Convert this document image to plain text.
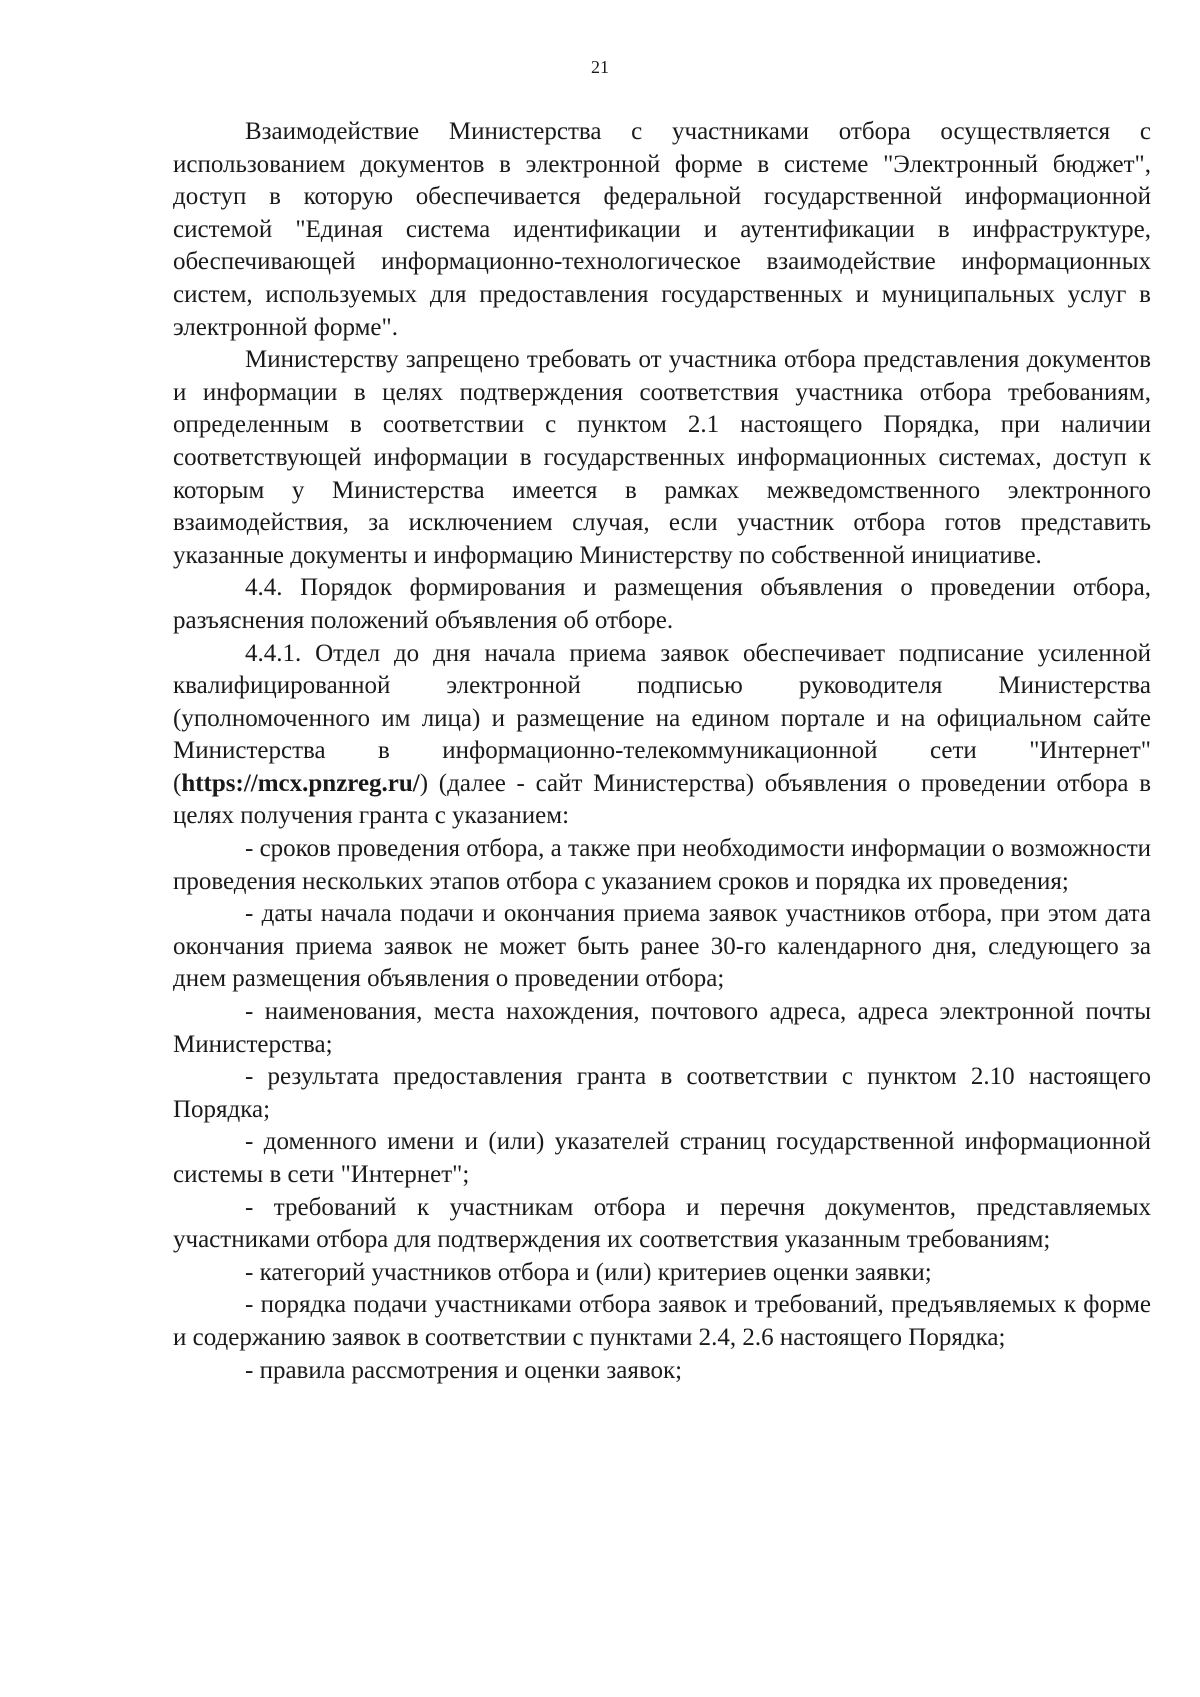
21

Взаимодействие Министерства с участниками отбора осуществляется с использованием документов в электронной форме в системе "Электронный бюджет", доступ в которую обеспечивается федеральной государственной информационной системой "Единая система идентификации и аутентификации в инфраструктуре, обеспечивающей информационно-технологическое взаимодействие информационных систем, используемых для предоставления государственных и муниципальных услуг в электронной форме".

Министерству запрещено требовать от участника отбора представления документов и информации в целях подтверждения соответствия участника отбора требованиям, определенным в соответствии с пунктом 2.1 настоящего Порядка, при наличии соответствующей информации в государственных информационных системах, доступ к которым у Министерства имеется в рамках межведомственного электронного взаимодействия, за исключением случая, если участник отбора готов представить указанные документы и информацию Министерству по собственной инициативе.

4.4. Порядок формирования и размещения объявления о проведении отбора, разъяснения положений объявления об отборе.

4.4.1. Отдел до дня начала приема заявок обеспечивает подписание усиленной квалифицированной электронной подписью руководителя Министерства (уполномоченного им лица) и размещение на едином портале и на официальном сайте Министерства в информационно-телекоммуникационной сети "Интернет" (https://mcx.pnzreg.ru/) (далее - сайт Министерства) объявления о проведении отбора в целях получения гранта с указанием:

- сроков проведения отбора, а также при необходимости информации о возможности проведения нескольких этапов отбора с указанием сроков и порядка их проведения;

- даты начала подачи и окончания приема заявок участников отбора, при этом дата окончания приема заявок не может быть ранее 30-го календарного дня, следующего за днем размещения объявления о проведении отбора;

- наименования, места нахождения, почтового адреса, адреса электронной почты Министерства;

- результата предоставления гранта в соответствии с пунктом 2.10 настоящего Порядка;

- доменного имени и (или) указателей страниц государственной информационной системы в сети "Интернет";

- требований к участникам отбора и перечня документов, представляемых участниками отбора для подтверждения их соответствия указанным требованиям;

- категорий участников отбора и (или) критериев оценки заявки;

- порядка подачи участниками отбора заявок и требований, предъявляемых к форме и содержанию заявок в соответствии с пунктами 2.4, 2.6 настоящего Порядка;

- правила рассмотрения и оценки заявок;
